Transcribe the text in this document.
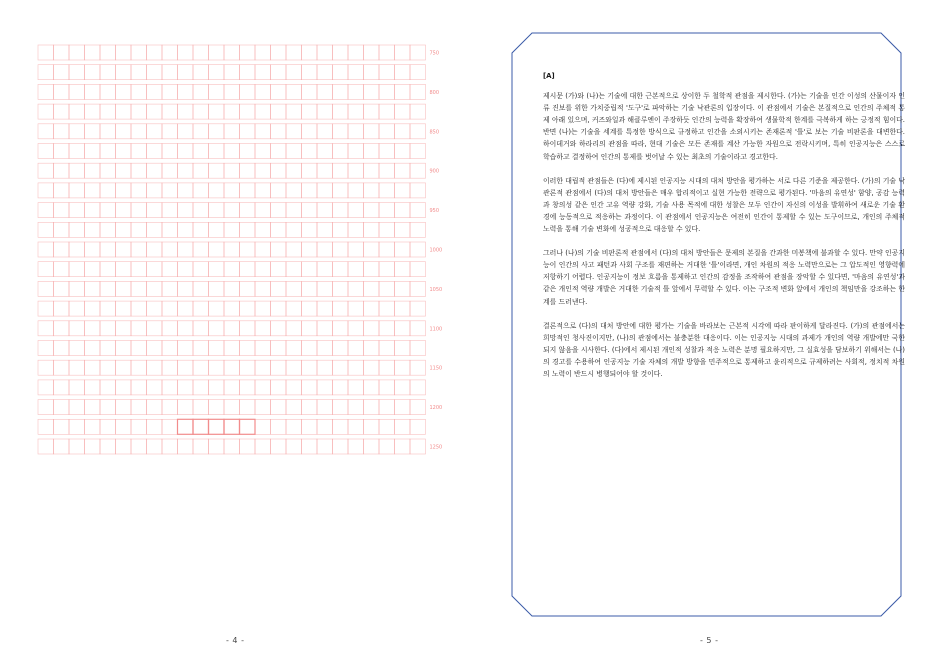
750
800
850
900
950
1000
1050
1100
1150
1200
1250
- 4 -
[A]

제시문 (가)와 (나)는 기술에 대한 근본적으로 상이한 두 철학적 관점을 제시한다. (가)는 기술을 인간 이성의 산물이자 인류 진보를 위한 가치중립적 '도구'로 파악하는 기술 낙관론의 입장이다. 이 관점에서 기술은 본질적으로 인간의 주체적 통제 아래 있으며, 커즈와일과 해클루엔이 주장하듯 인간의 능력을 확장하여 생물학적 한계를 극복하게 하는 긍정적 힘이다. 반면 (나)는 기술을 세계를 특정한 방식으로 규정하고 인간을 소외시키는 존재론적 '틀'로 보는 기술 비판론을 대변한다. 하이데거와 하라리의 관점을 따라, 현대 기술은 모든 존재를 계산 가능한 자원으로 전락시키며, 특히 인공지능은 스스로 학습하고 결정하여 인간의 통제를 벗어날 수 있는 최초의 기술이라고 경고한다.

이러한 대립적 관점들은 (다)에 제시된 인공지능 시대의 대처 방안을 평가하는 서로 다른 기준을 제공한다. (가)의 기술 낙관론적 관점에서 (다)의 대처 방안들은 매우 합리적이고 실현 가능한 전략으로 평가된다. '마음의 유연성' 함양, 공감 능력과 창의성 같은 인간 고유 역량 강화, 기술 사용 목적에 대한 성찰은 모두 인간이 자신의 이성을 발휘하여 새로운 기술 환경에 능동적으로 적응하는 과정이다. 이 관점에서 인공지능은 여전히 인간이 통제할 수 있는 도구이므로, 개인의 주체적 노력을 통해 기술 변화에 성공적으로 대응할 수 있다.

그러나 (나)의 기술 비판론적 관점에서 (다)의 대처 방안들은 문제의 본질을 간과한 미봉책에 불과할 수 있다. 만약 인공지능이 인간의 사고 패턴과 사회 구조를 재편하는 거대한 '틀'이라면, 개인 차원의 적응 노력만으로는 그 압도적인 영향력에 저항하기 어렵다. 인공지능이 정보 흐름을 통제하고 인간의 감정을 조작하여 관점을 장악할 수 있다면, '마음의 유연성'과 같은 개인적 역량 개발은 거대한 기술적 틀 앞에서 무력할 수 있다. 이는 구조적 변화 앞에서 개인의 책임만을 강조하는 한계를 드러낸다.

결론적으로 (다)의 대처 방안에 대한 평가는 기술을 바라보는 근본적 시각에 따라 판이하게 달라진다. (가)의 관점에서는 희망적인 청사진이지만, (나)의 관점에서는 불충분한 대응이다. 이는 인공지능 시대의 과제가 개인의 역량 개발에만 국한되지 않음을 시사한다. (다)에서 제시된 개인적 성찰과 적응 노력은 분명 필요하지만, 그 실효성을 담보하기 위해서는 (나)의 경고를 수용하여 인공지능 기술 자체의 개발 방향을 민주적으로 통제하고 윤리적으로 규제하려는 사회적, 정치적 차원의 노력이 반드시 병행되어야 할 것이다.

- 5 -
